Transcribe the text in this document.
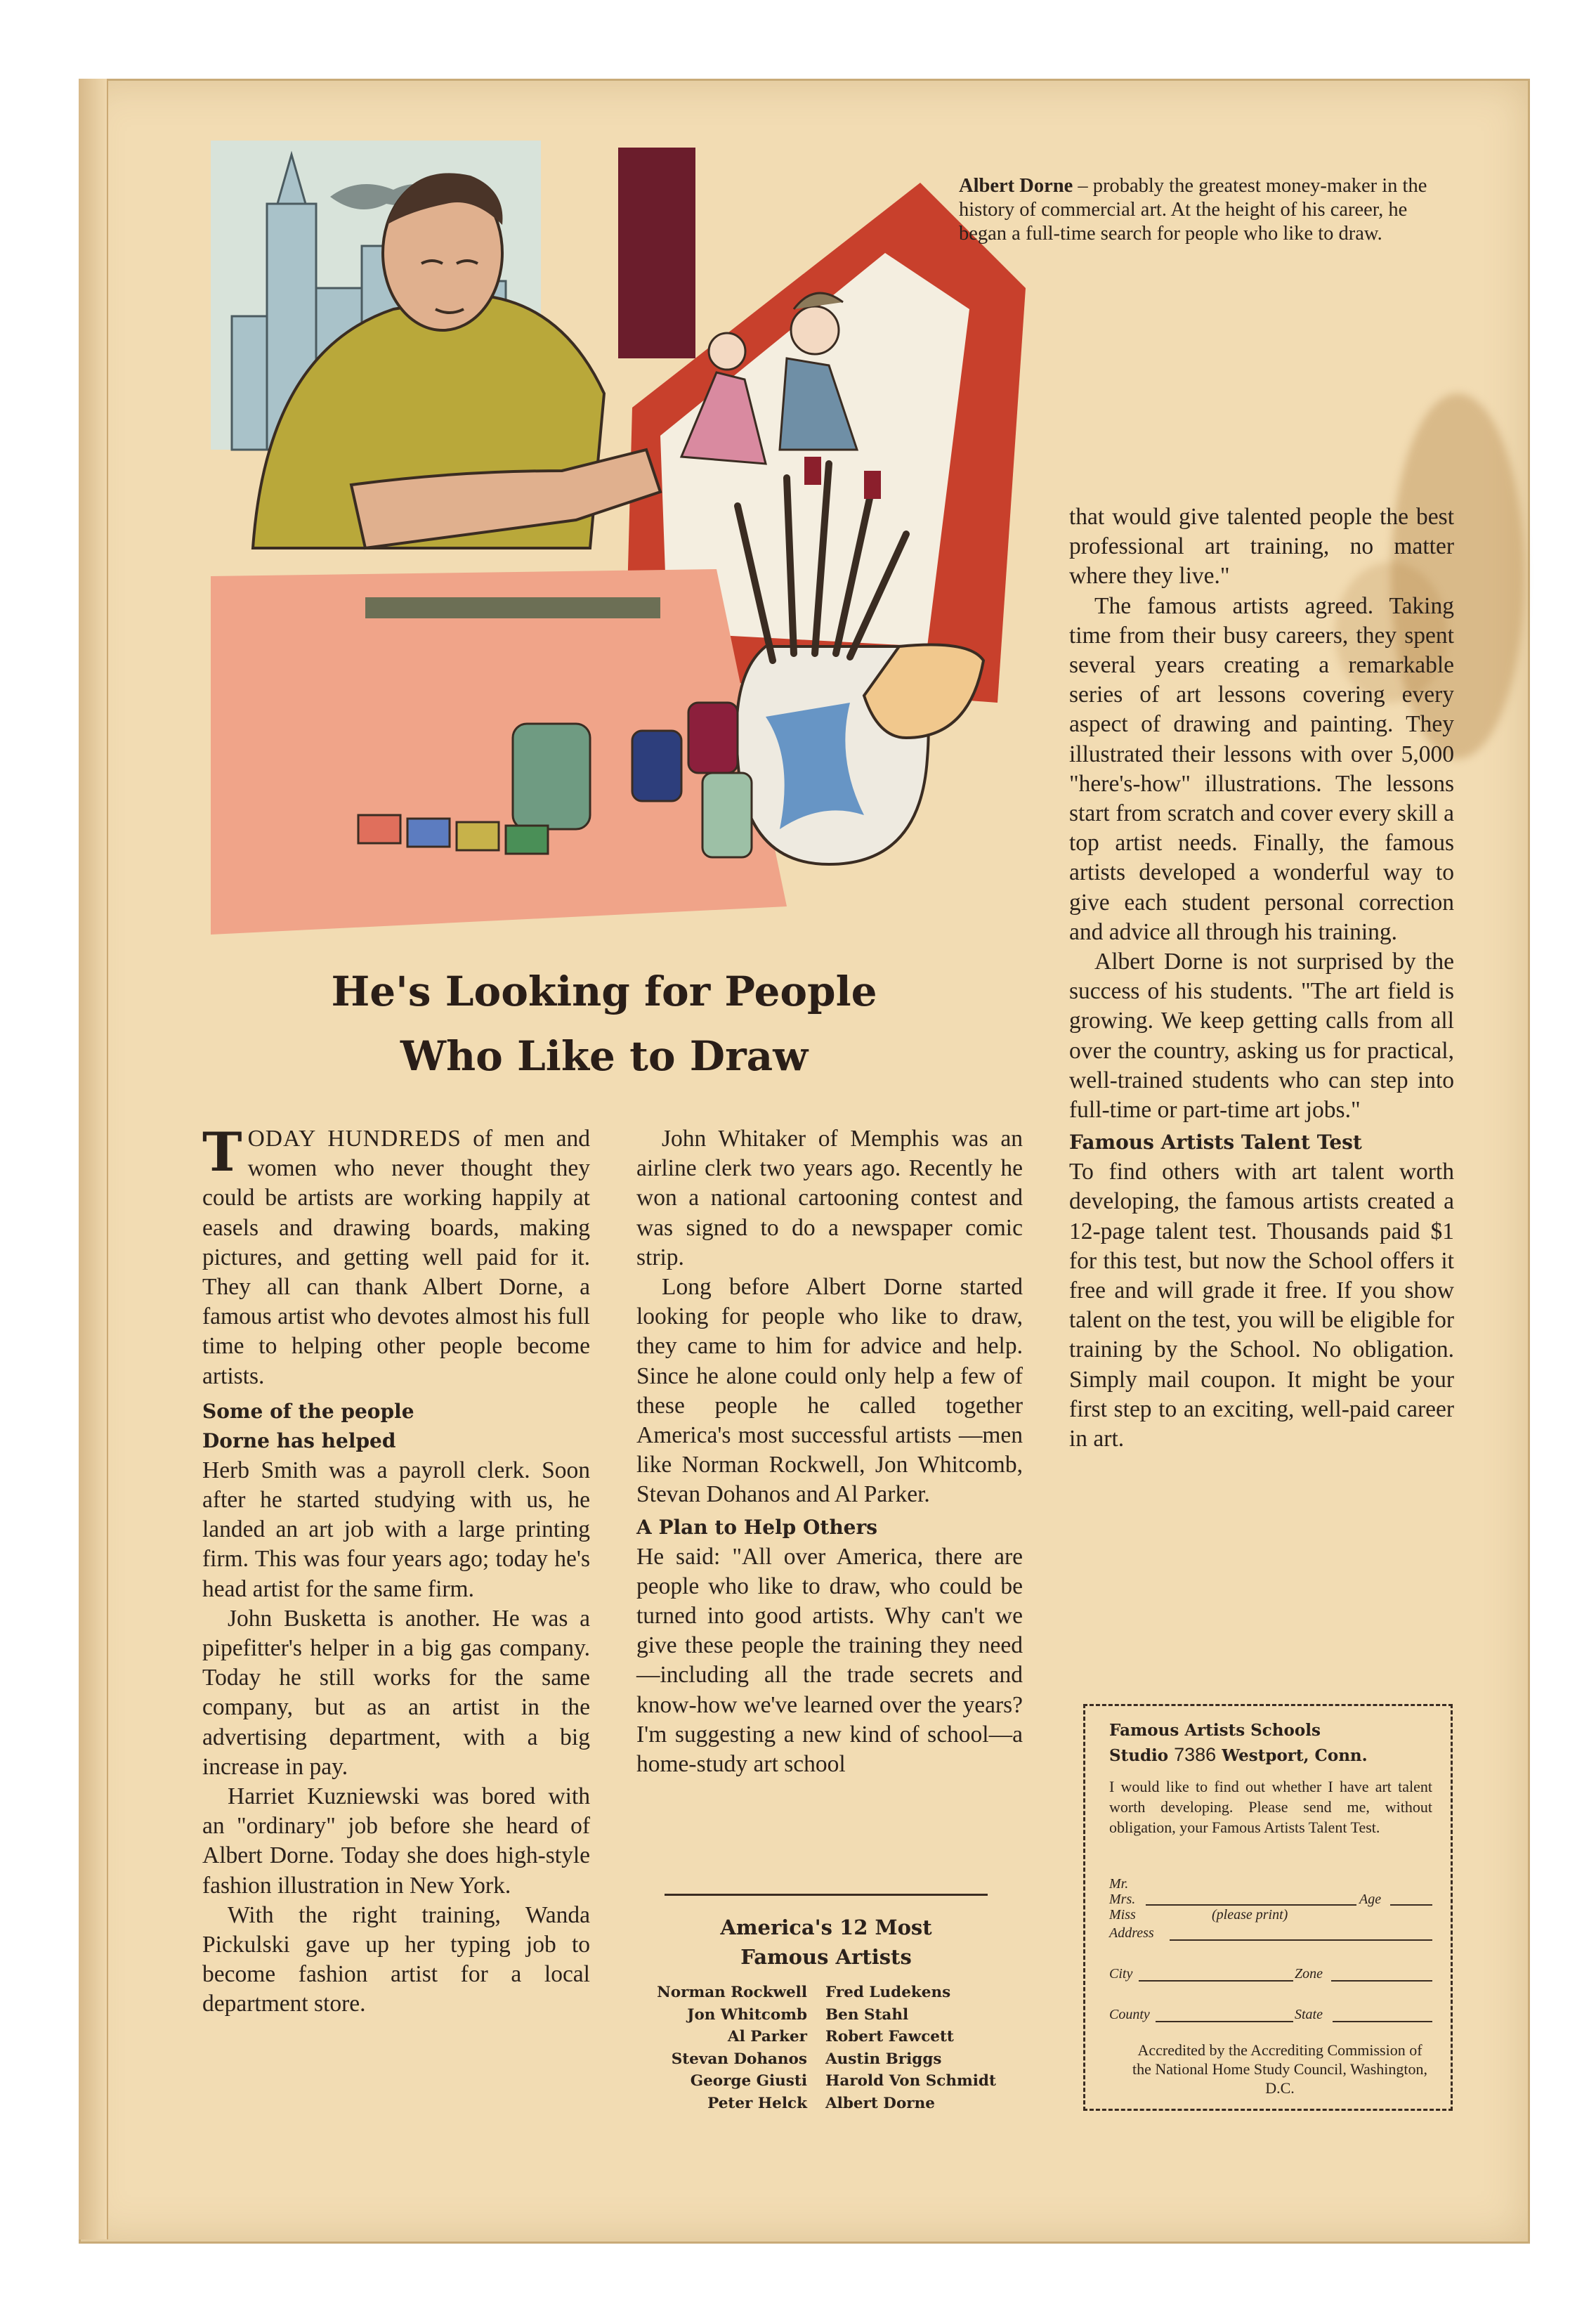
Albert Dorne – probably the greatest money-maker in the history of commercial art. At the height of his career, he began a full-time search for people who like to draw.
He's Looking for People
Who Like to Draw

TODAY HUNDREDS of men and women who never thought they could be artists are working happily at easels and drawing boards, making pictures, and getting well paid for it. They all can thank Albert Dorne, a famous artist who devotes almost his full time to helping other people become artists.

Some of the people
Dorne has helped

Herb Smith was a payroll clerk. Soon after he started studying with us, he landed an art job with a large printing firm. This was four years ago; today he's head artist for the same firm.

John Busketta is another. He was a pipefitter's helper in a big gas company. Today he still works for the same company, but as an artist in the advertising department, with a big increase in pay.

Harriet Kuzniewski was bored with an "ordinary" job before she heard of Albert Dorne. Today she does high-style fashion illustration in New York.

With the right training, Wanda Pickulski gave up her typing job to become fashion artist for a local department store.

John Whitaker of Memphis was an airline clerk two years ago. Recently he won a national cartooning contest and was signed to do a newspaper comic strip.

Long before Albert Dorne started looking for people who like to draw, they came to him for advice and help. Since he alone could only help a few of these people he called together America's most successful artists —men like Norman Rockwell, Jon Whitcomb, Stevan Dohanos and Al Parker.

A Plan to Help Others

He said: "All over America, there are people who like to draw, who could be turned into good artists. Why can't we give these people the training they need—including all the trade secrets and know-how we've learned over the years? I'm suggesting a new kind of school—a home-study art school

America's 12 Most
Famous Artists
Norman Rockwell	Fred Ludekens
Jon Whitcomb	Ben Stahl
Al Parker	Robert Fawcett
Stevan Dohanos	Austin Briggs
George Giusti	Harold Von Schmidt
Peter Helck	Albert Dorne

that would give talented people the best professional art training, no matter where they live."

The famous artists agreed. Taking time from their busy careers, they spent several years creating a remarkable series of art lessons covering every aspect of drawing and painting. They illustrated their lessons with over 5,000 "here's-how" illustrations. The lessons start from scratch and cover every skill a top artist needs. Finally, the famous artists developed a wonderful way to give each student personal correction and advice all through his training.

Albert Dorne is not surprised by the success of his students. "The art field is growing. We keep getting calls from all over the country, asking us for practical, well-trained students who can step into full-time or part-time art jobs."

Famous Artists Talent Test

To find others with art talent worth developing, the famous artists created a 12-page talent test. Thousands paid $1 for this test, but now the School offers it free and will grade it free. If you show talent on the test, you will be eligible for training by the School. No obligation. Simply mail coupon. It might be your first step to an exciting, well-paid career in art.

Famous Artists Schools
Studio 7386 Westport, Conn.
I would like to find out whether I have art talent worth developing. Please send me, without obligation, your Famous Artists Talent Test.
Mr.
Mrs.	Age
Miss	(please print)
Address
City	Zone
County	State
Accredited by the Accrediting Commission of the National Home Study Council, Washington, D.C.
